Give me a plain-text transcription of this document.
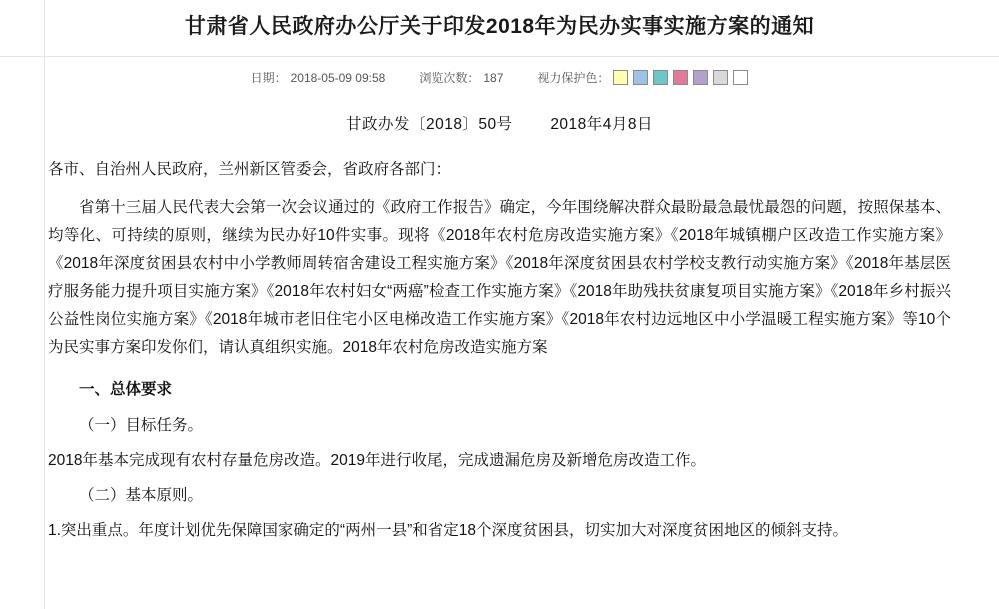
甘肃省人民政府办公厅关于印发2018年为民办实事实施方案的通知
日期： 2018-05-09 09:58	浏览次数： 187	视力保护色：
甘政办发〔2018〕50号 2018年4月8日

各市、自治州人民政府，兰州新区管委会，省政府各部门：

省第十三届人民代表大会第一次会议通过的《政府工作报告》确定，今年围绕解决群众最盼最急最忧最怨的问题，按照保基本、均等化、可持续的原则，继续为民办好10件实事。现将《2018年农村危房改造实施方案》《2018年城镇棚户区改造工作实施方案》《2018年深度贫困县农村中小学教师周转宿舍建设工程实施方案》《2018年深度贫困县农村学校支教行动实施方案》《2018年基层医疗服务能力提升项目实施方案》《2018年农村妇女“两癌”检查工作实施方案》《2018年助残扶贫康复项目实施方案》《2018年乡村振兴公益性岗位实施方案》《2018年城市老旧住宅小区电梯改造工作实施方案》《2018年农村边远地区中小学温暖工程实施方案》等10个为民实事方案印发你们，请认真组织实施。2018年农村危房改造实施方案

一、总体要求

（一）目标任务。

2018年基本完成现有农村存量危房改造。2019年进行收尾，完成遗漏危房及新增危房改造工作。

（二）基本原则。

1.突出重点。年度计划优先保障国家确定的“两州一县”和省定18个深度贫困县，切实加大对深度贫困地区的倾斜支持。
